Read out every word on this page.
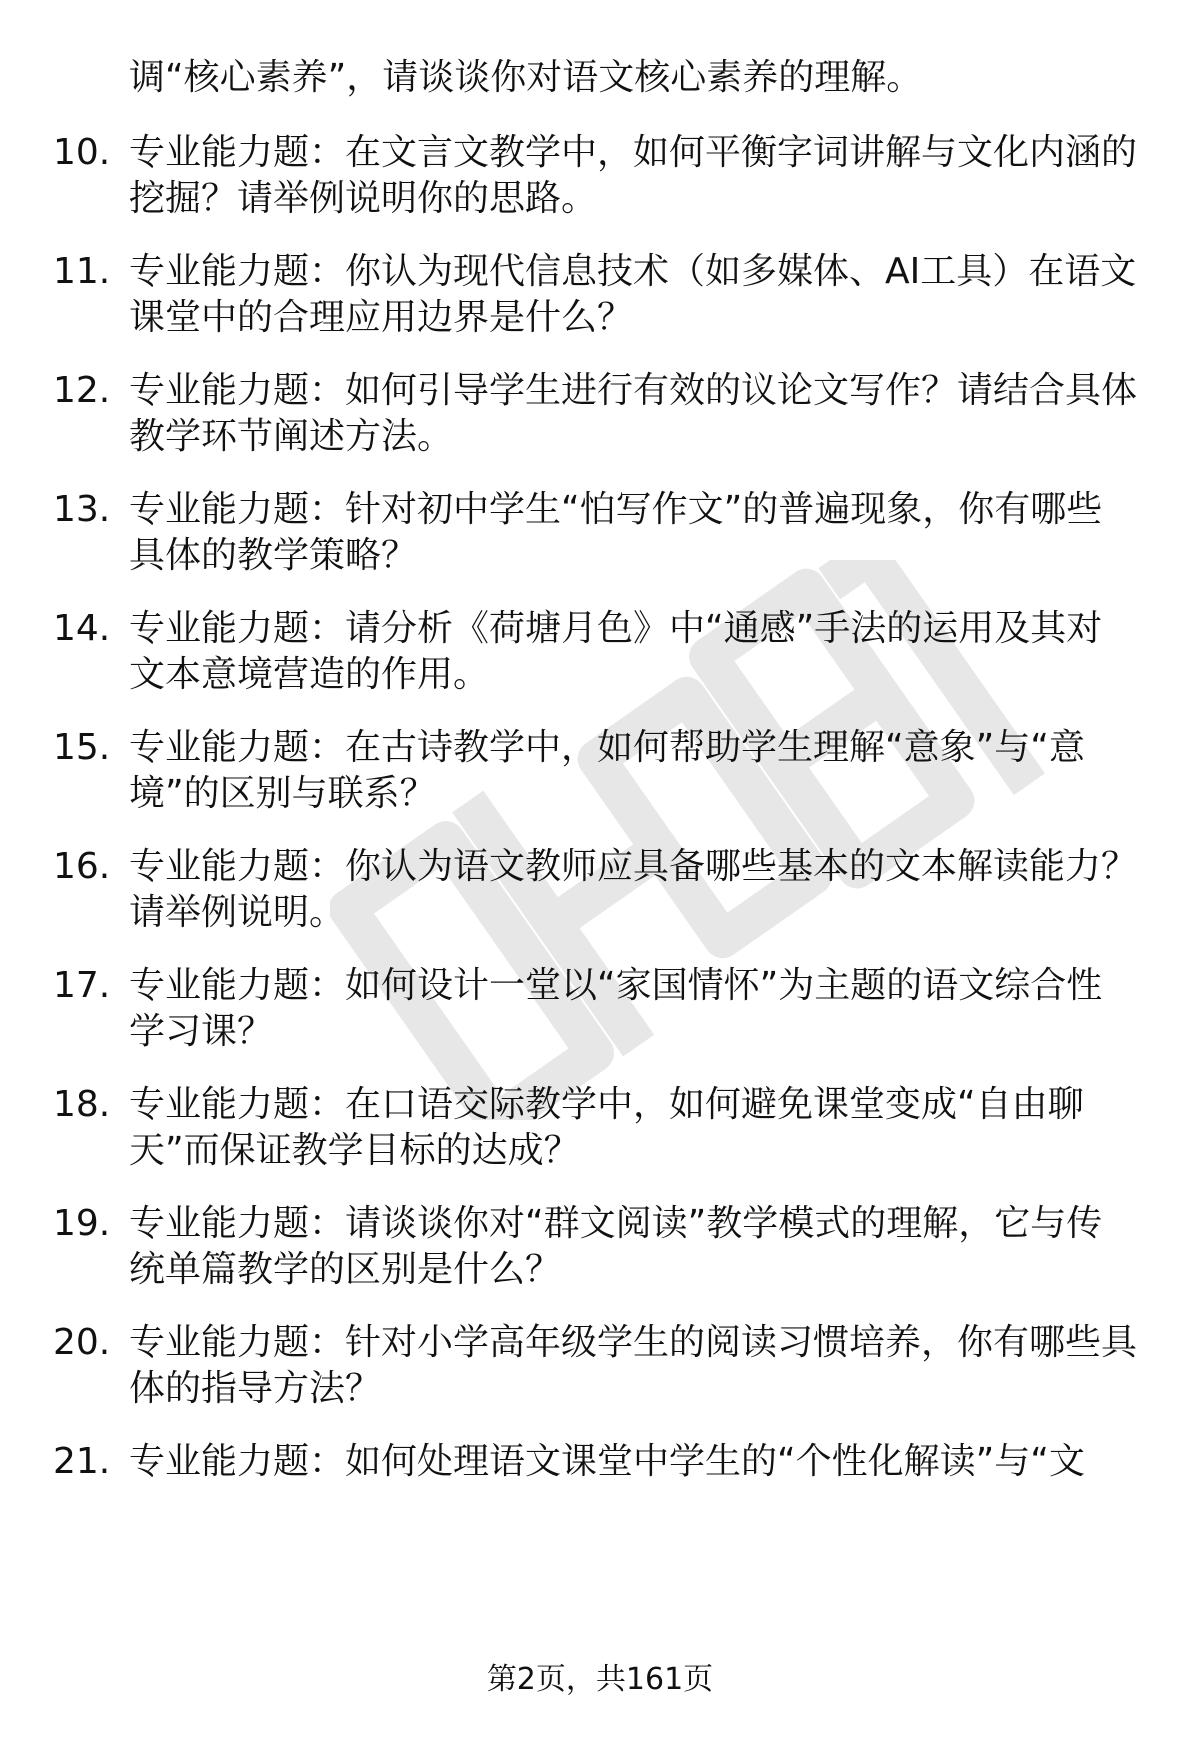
调“核心素养”，请谈谈你对语文核心素养的理解。
10. 专业能力题：在文言文教学中，如何平衡字词讲解与文化内涵的
挖掘？请举例说明你的思路。
11. 专业能力题：你认为现代信息技术（如多媒体、AI工具）在语文
课堂中的合理应用边界是什么？
12. 专业能力题：如何引导学生进行有效的议论文写作？请结合具体
教学环节阐述方法。
13. 专业能力题：针对初中学生“怕写作文”的普遍现象，你有哪些
具体的教学策略？
14. 专业能力题：请分析《荷塘月色》中“通感”手法的运用及其对
文本意境营造的作用。
15. 专业能力题：在古诗教学中，如何帮助学生理解“意象”与“意
境”的区别与联系？
16. 专业能力题：你认为语文教师应具备哪些基本的文本解读能力？
请举例说明。
17. 专业能力题：如何设计一堂以“家国情怀”为主题的语文综合性
学习课？
18. 专业能力题：在口语交际教学中，如何避免课堂变成“自由聊
天”而保证教学目标的达成？
19. 专业能力题：请谈谈你对“群文阅读”教学模式的理解，它与传
统单篇教学的区别是什么？
20. 专业能力题：针对小学高年级学生的阅读习惯培养，你有哪些具
体的指导方法？
21. 专业能力题：如何处理语文课堂中学生的“个性化解读”与“文
第2页，共161页
